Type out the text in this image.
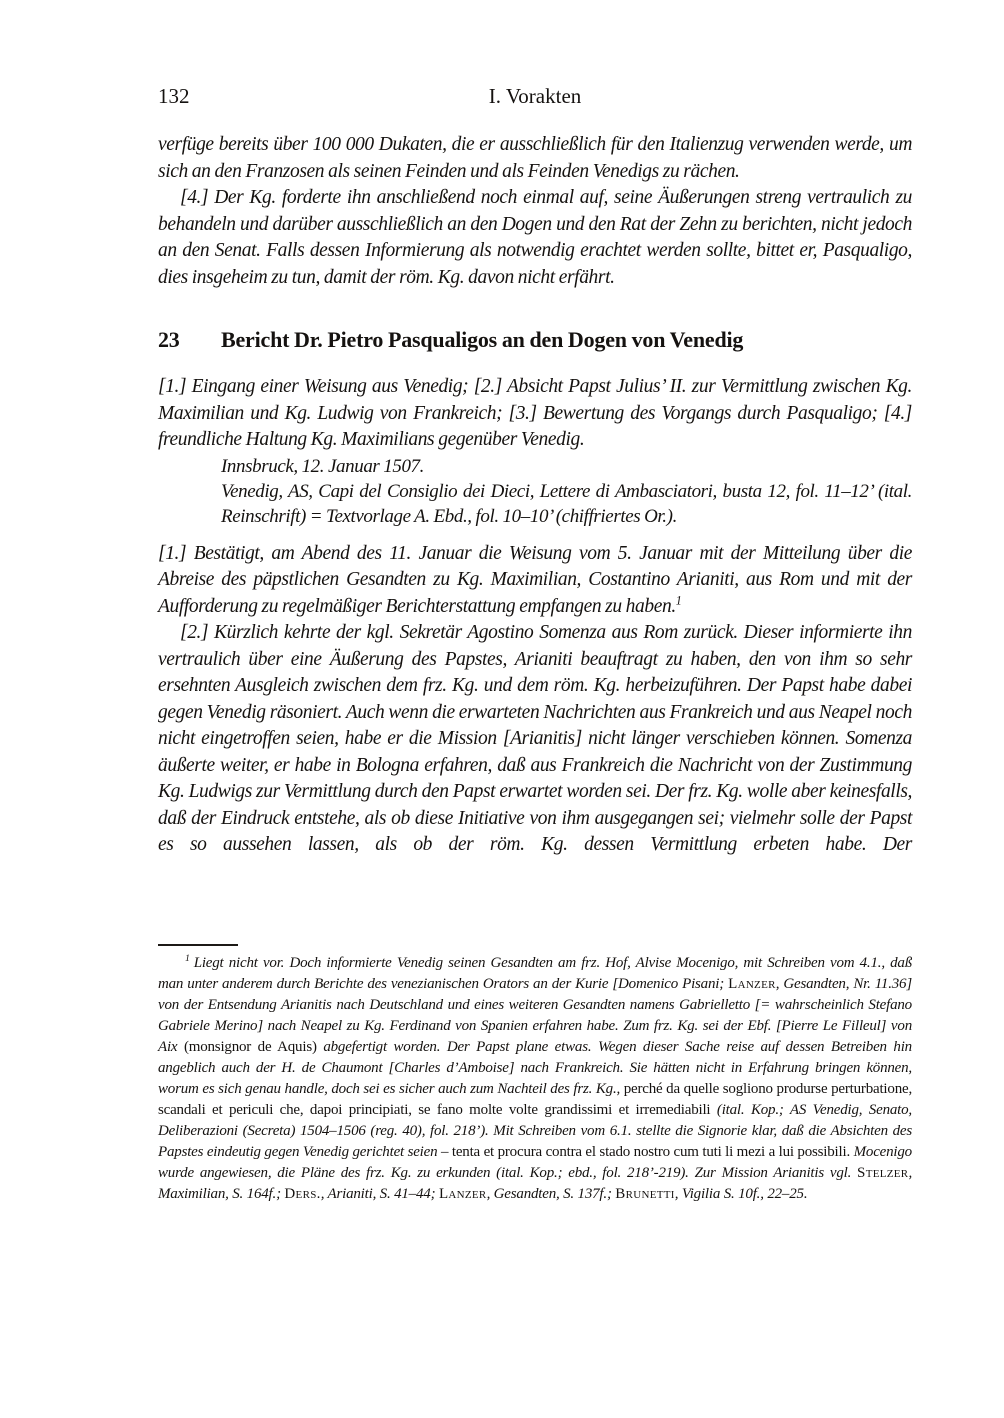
132	I. Vorakten

verfüge bereits über 100 000 Dukaten, die er ausschließlich für den Italienzug verwenden werde, um sich an den Franzosen als seinen Feinden und als Feinden Venedigs zu rächen.

[4.] Der Kg. forderte ihn anschließend noch einmal auf, seine Äußerungen streng vertraulich zu behandeln und darüber ausschließlich an den Dogen und den Rat der Zehn zu berichten, nicht jedoch an den Senat. Falls dessen Informierung als notwendig erachtet werden sollte, bittet er, Pasqualigo, dies insgeheim zu tun, damit der röm. Kg. davon nicht erfährt.

23	Bericht Dr. Pietro Pasqualigos an den Dogen von Venedig

[1.] Eingang einer Weisung aus Venedig; [2.] Absicht Papst Julius’ II. zur Vermittlung zwischen Kg. Maximilian und Kg. Ludwig von Frankreich; [3.] Bewertung des Vorgangs durch Pasqualigo; [4.] freundliche Haltung Kg. Maximilians gegenüber Venedig.

Innsbruck, 12. Januar 1507.

Venedig, AS, Capi del Consiglio dei Dieci, Lettere di Ambasciatori, busta 12, fol. 11–12’ (ital. Reinschrift) = Textvorlage A. Ebd., fol. 10–10’ (chiffriertes Or.).

[1.] Bestätigt, am Abend des 11. Januar die Weisung vom 5. Januar mit der Mitteilung über die Abreise des päpstlichen Gesandten zu Kg. Maximilian, Costantino Arianiti, aus Rom und mit der Aufforderung zu regelmäßiger Berichterstattung empfangen zu haben.$^1$

[2.] Kürzlich kehrte der kgl. Sekretär Agostino Somenza aus Rom zurück. Dieser informierte ihn vertraulich über eine Äußerung des Papstes, Arianiti beauftragt zu haben, den von ihm so sehr ersehnten Ausgleich zwischen dem frz. Kg. und dem röm. Kg. herbeizuführen. Der Papst habe dabei gegen Venedig räsoniert. Auch wenn die erwarteten Nachrichten aus Frankreich und aus Neapel noch nicht eingetroffen seien, habe er die Mission [Arianitis] nicht länger verschieben können. Somenza äußerte weiter, er habe in Bologna erfahren, daß aus Frankreich die Nachricht von der Zustimmung Kg. Ludwigs zur Vermittlung durch den Papst erwartet worden sei. Der frz. Kg. wolle aber keinesfalls, daß der Eindruck entstehe, als ob diese Initiative von ihm ausgegangen sei; vielmehr solle der Papst es so aussehen lassen, als ob der röm. Kg. dessen Vermittlung erbeten habe. Der

$^1$ Liegt nicht vor. Doch informierte Venedig seinen Gesandten am frz. Hof, Alvise Mocenigo, mit Schreiben vom 4.1., daß man unter anderem durch Berichte des venezianischen Orators an der Kurie [Domenico Pisani; Lanzer, Gesandten, Nr. 11.36] von der Entsendung Arianitis nach Deutschland und eines weiteren Gesandten namens Gabrielletto [= wahrscheinlich Stefano Gabriele Merino] nach Neapel zu Kg. Ferdinand von Spanien erfahren habe. Zum frz. Kg. sei der Ebf. [Pierre Le Filleul] von Aix (monsignor de Aquis) abgefertigt worden. Der Papst plane etwas. Wegen dieser Sache reise auf dessen Betreiben hin angeblich auch der H. de Chaumont [Charles d’Amboise] nach Frankreich. Sie hätten nicht in Erfahrung bringen können, worum es sich genau handle, doch sei es sicher auch zum Nachteil des frz. Kg., perché da quelle sogliono produrse perturbatione, scandali et periculi che, dapoi principiati, se fano molte volte grandissimi et irremediabili (ital. Kop.; AS Venedig, Senato, Deliberazioni (Secreta) 1504–1506 (reg. 40), fol. 218’). Mit Schreiben vom 6.1. stellte die Signorie klar, daß die Absichten des Papstes eindeutig gegen Venedig gerichtet seien – tenta et procura contra el stado nostro cum tuti li mezi a lui possibili. Mocenigo wurde angewiesen, die Pläne des frz. Kg. zu erkunden (ital. Kop.; ebd., fol. 218’-219). Zur Mission Arianitis vgl. Stelzer, Maximilian, S. 164f.; Ders., Arianiti, S. 41–44; Lanzer, Gesandten, S. 137f.; Brunetti, Vigilia S. 10f., 22–25.
